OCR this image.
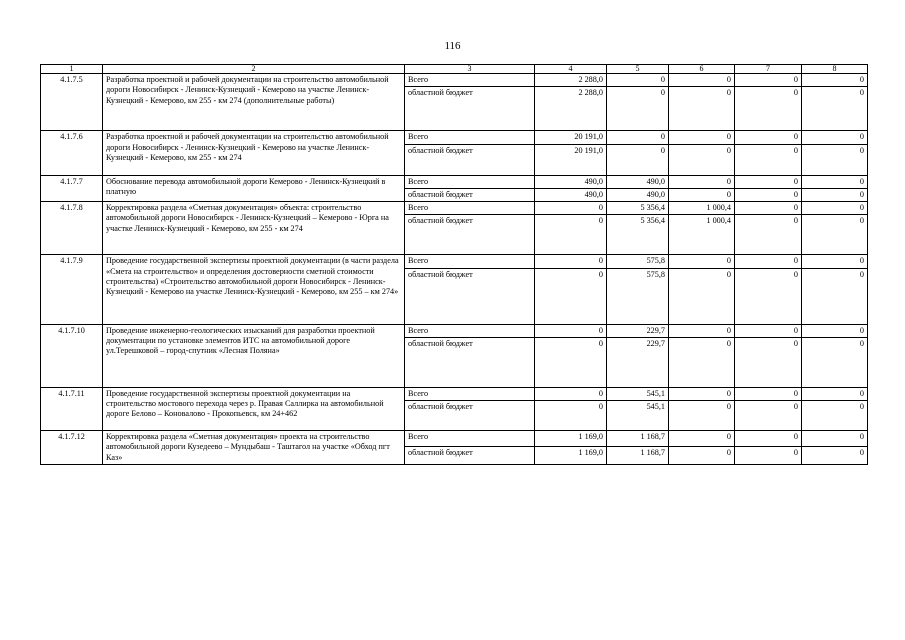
116
1	2	3	4	5	6	7	8
4.1.7.5	Разработка проектной и рабочей документации на строительство автомобильной дороги Новосибирск - Ленинск-Кузнецкий - Кемерово на участке Ленинск-Кузнецкий - Кемерово, км 255 - км 274 (дополнительные работы)	Всего	2 288,0	0	0	0	0
		областной бюджет	2 288,0	0	0	0	0
4.1.7.6	Разработка проектной и рабочей документации на строительство автомобильной дороги Новосибирск - Ленинск-Кузнецкий - Кемерово на участке Ленинск-Кузнецкий - Кемерово, км 255 - км 274	Всего	20 191,0	0	0	0	0
		областной бюджет	20 191,0	0	0	0	0
4.1.7.7	Обоснование перевода автомобильной дороги Кемерово - Ленинск-Кузнецкий в платную	Всего	490,0	490,0	0	0	0
		областной бюджет	490,0	490,0	0	0	0
4.1.7.8	Корректировка раздела «Сметная документация» объекта: строительство автомобильной дороги Новосибирск - Ленинск-Кузнецкий – Кемерово - Юрга на участке Ленинск-Кузнецкий - Кемерово, км 255 - км 274	Всего	0	5 356,4	1 000,4	0	0
		областной бюджет	0	5 356,4	1 000,4	0	0
4.1.7.9	Проведение государственной экспертизы проектной документации (в части раздела «Смета на строительство» и определения достоверности сметной стоимости строительства) «Строительство автомобильной дороги Новосибирск - Ленинск-Кузнецкий - Кемерово на участке Ленинск-Кузнецкий - Кемерово, км 255 – км 274»	Всего	0	575,8	0	0	0
		областной бюджет	0	575,8	0	0	0
4.1.7.10	Проведение инженерно-геологических изысканий для разработки проектной документации по установке элементов ИТС на автомобильной дороге ул.Терешковой – город-спутник «Лесная Поляна»	Всего	0	229,7	0	0	0
		областной бюджет	0	229,7	0	0	0
4.1.7.11	Проведение государственной экспертизы проектной документации на строительство мостового перехода через р. Правая Саллирка на автомобильной дороге Белово – Коновалово - Прокопьевск, км 24+462	Всего	0	545,1	0	0	0
		областной бюджет	0	545,1	0	0	0
4.1.7.12	Корректировка раздела «Сметная документация» проекта на строительство автомобильной дороги Кузедеево – Мундыбаш - Таштагол на участке «Обход пгт Каз»	Всего	1 169,0	1 168,7	0	0	0
		областной бюджет	1 169,0	1 168,7	0	0	0
